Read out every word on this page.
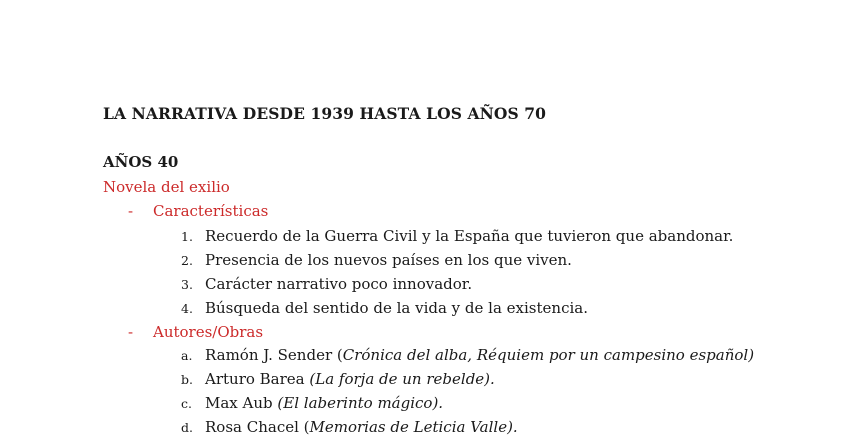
LA NARRATIVA DESDE 1939 HASTA LOS AÑOS 70
AÑOS 40
Novela del exilio
- Características
1. Recuerdo de la Guerra Civil y la España que tuvieron que abandonar.
2. Presencia de los nuevos países en los que viven.
3. Carácter narrativo poco innovador.
4. Búsqueda del sentido de la vida y de la existencia.
- Autores/Obras
a. Ramón J. Sender (Crónica del alba, Réquiem por un campesino español)
b. Arturo Barea (La forja de un rebelde).
c. Max Aub (El laberinto mágico).
d. Rosa Chacel (Memorias de Leticia Valle).
